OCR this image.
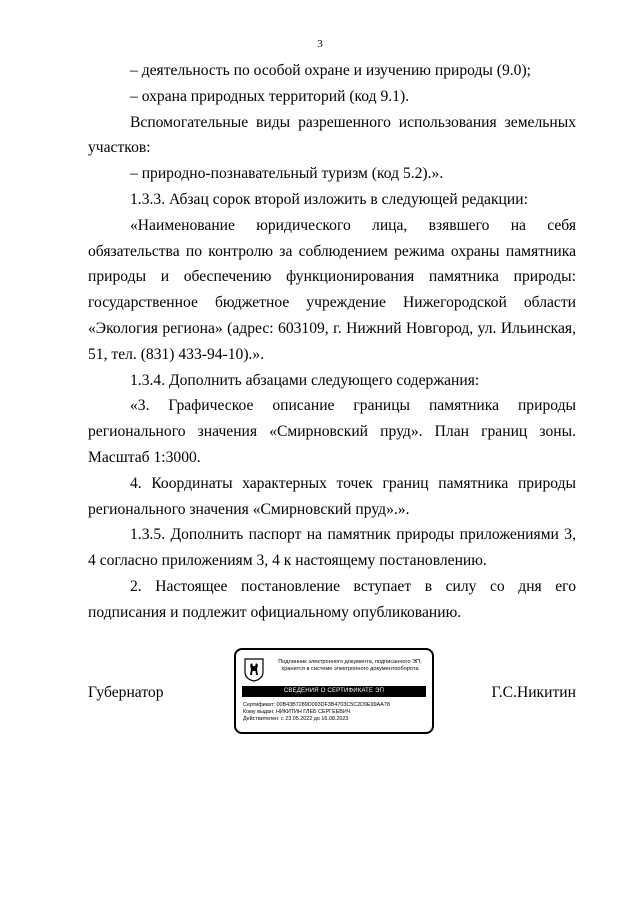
3

– деятельность по особой охране и изучению природы (9.0);

– охрана природных территорий (код 9.1).

Вспомогательные виды разрешенного использования земельных участков:

– природно-познавательный туризм (код 5.2).».

1.3.3. Абзац сорок второй изложить в следующей редакции:

«Наименование юридического лица, взявшего на себя обязательства по контролю за соблюдением режима охраны памятника природы и обеспечению функционирования памятника природы: государственное бюджетное учреждение Нижегородской области «Экология региона» (адрес: 603109, г. Нижний Новгород, ул. Ильинская, 51, тел. (831) 433-94-10).».

1.3.4. Дополнить абзацами следующего содержания:

«3. Графическое описание границы памятника природы регионального значения «Смирновский пруд». План границ зоны. Масштаб 1:3000.

4. Координаты характерных точек границ памятника природы регионального значения «Смирновский пруд».».

1.3.5. Дополнить паспорт на памятник природы приложениями 3, 4 согласно приложениям 3, 4 к настоящему постановлению.

2. Настоящее постановление вступает в силу со дня его подписания и подлежит официальному опубликованию.

Губернатор
Подлинник электронного документа, подписанного ЭП,
хранится в системе электронного документооборота
СВЕДЕНИЯ О СЕРТИФИКАТЕ ЭП
Сертификат: 00B43B7289D093DF3B4703C5C2D9E99AA78
Кому выдан: НИКИТИН ГЛЕБ СЕРГЕЕВИЧ
Действителен: с 23.05.2022 до 16.08.2023
Г.С.Никитин
